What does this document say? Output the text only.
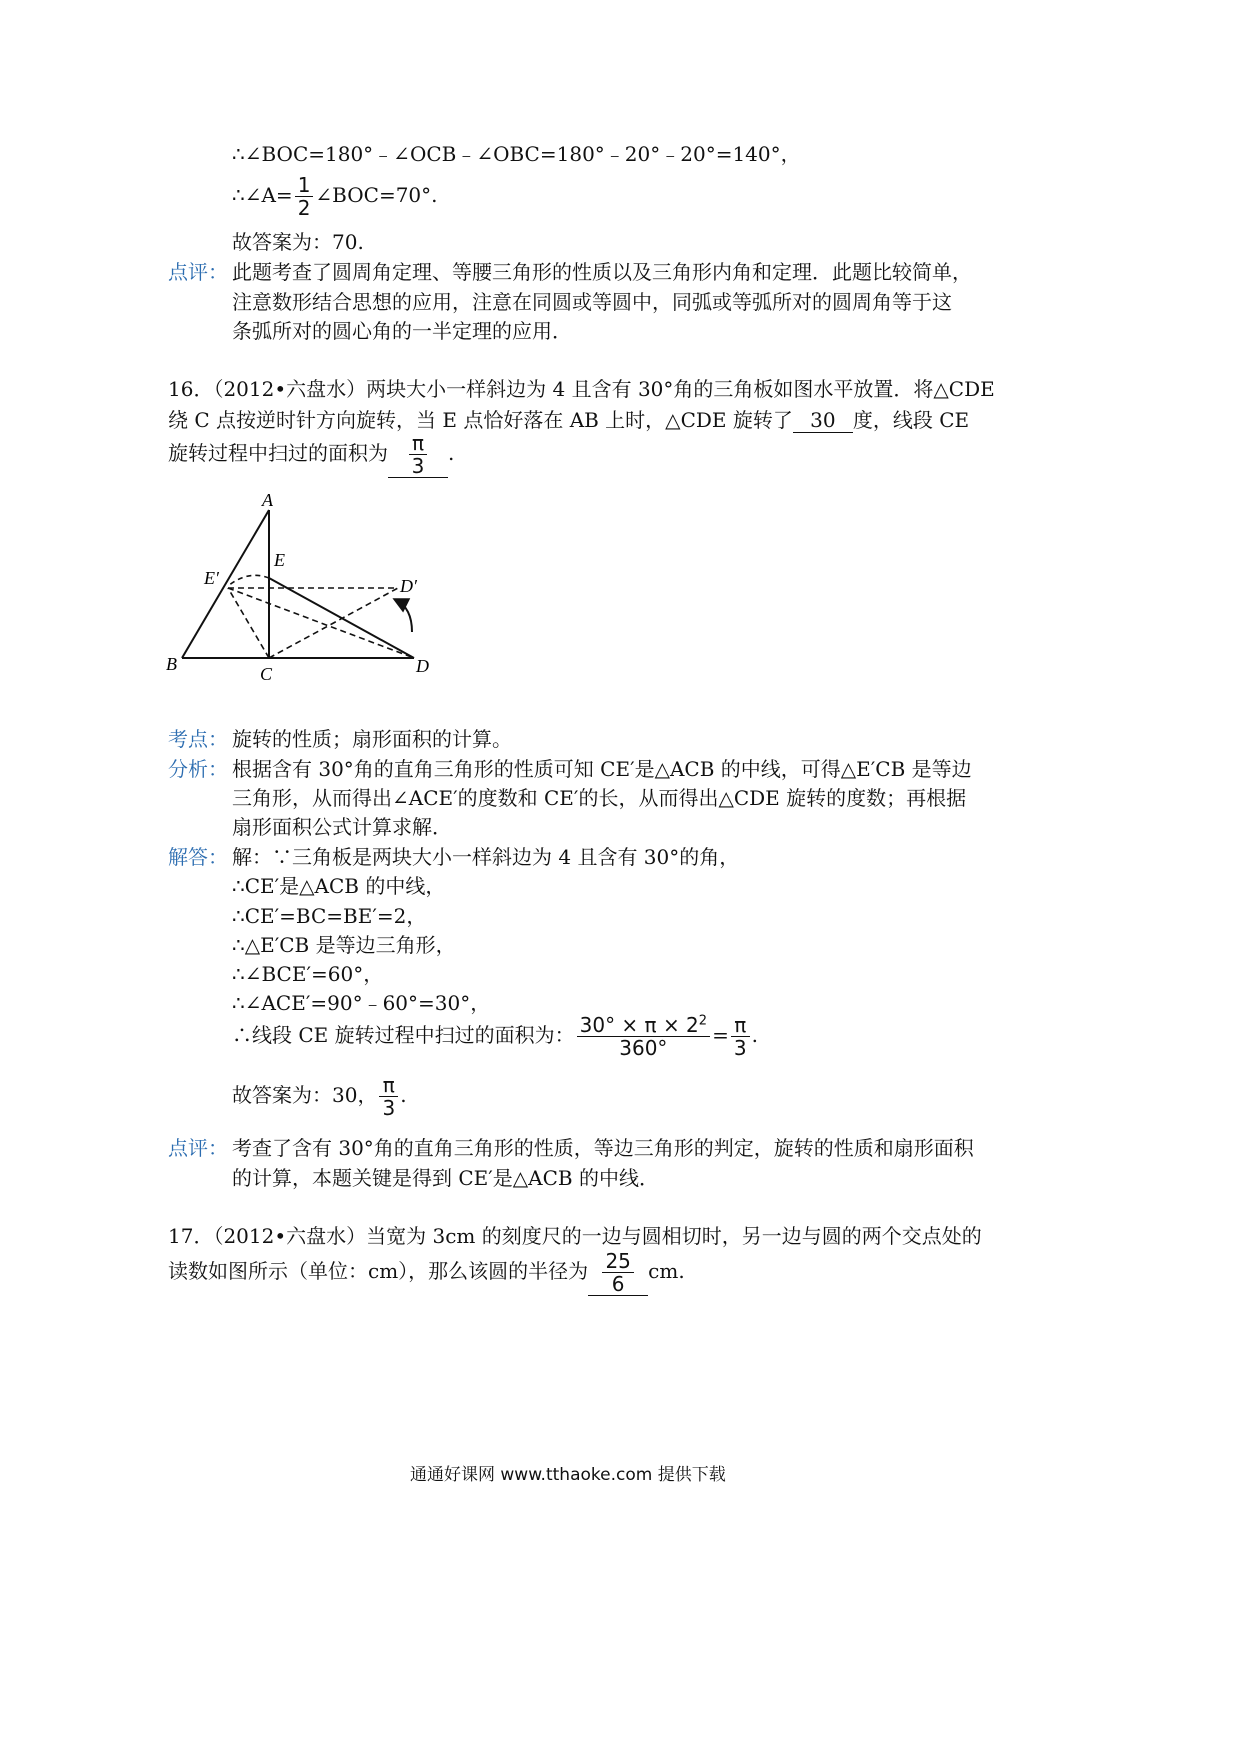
∴∠BOC=180°﹣∠OCB﹣∠OBC=180°﹣20°﹣20°=140°，
∴∠A= $\frac{1}{2}$ ∠BOC=70°.
故答案为：70.
点评： 此题考查了圆周角定理、等腰三角形的性质以及三角形内角和定理．此题比较简单，
注意数形结合思想的应用，注意在同圆或等圆中，同弧或等弧所对的圆周角等于这
条弧所对的圆心角的一半定理的应用．
16．（2012•六盘水）两块大小一样斜边为 4 且含有 30°角的三角板如图水平放置．将△CDE
绕 C 点按逆时针方向旋转，当 E 点恰好落在 AB 上时，△CDE 旋转了 30 度，线段 CE
旋转过程中扫过的面积为 $\frac{\pi}{3}$ .
A
E
E′	D′
B	C	D
考点： 旋转的性质；扇形面积的计算。
分析： 根据含有 30°角的直角三角形的性质可知 CE′是△ACB 的中线，可得△E′CB 是等边
三角形，从而得出∠ACE′的度数和 CE′的长，从而得出△CDE 旋转的度数；再根据
扇形面积公式计算求解．
解答： 解：∵三角板是两块大小一样斜边为 4 且含有 30°的角，
∴CE′是△ACB 的中线，
∴CE′=BC=BE′=2，
∴△E′CB 是等边三角形，
∴∠BCE′=60°，
∴∠ACE′=90°﹣60°=30°，
∴线段 CE 旋转过程中扫过的面积为： $\frac{30^\circ \times \pi \times 2^2}{360^\circ} = \frac{\pi}{3}$ .
故答案为：30， $\frac{\pi}{3}$ .
点评： 考查了含有 30°角的直角三角形的性质，等边三角形的判定，旋转的性质和扇形面积
的计算，本题关键是得到 CE′是△ACB 的中线．
17．（2012•六盘水）当宽为 3cm 的刻度尺的一边与圆相切时，另一边与圆的两个交点处的
读数如图所示（单位：cm），那么该圆的半径为 $\frac{25}{6}$ cm.
通通好课网 www.tthaoke.com 提供下载
